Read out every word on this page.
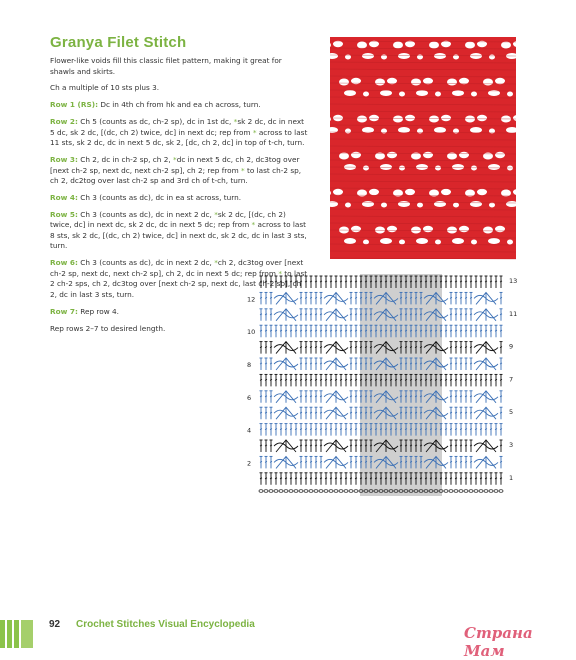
Granya Filet Stitch

Flower-like voids fill this classic filet pattern, making it great for shawls and skirts.

Ch a multiple of 10 sts plus 3.

Row 1 (RS): Dc in 4th ch from hk and ea ch across, turn.

Row 2: Ch 5 (counts as dc, ch-2 sp), dc in 1st dc, *sk 2 dc, dc in next 5 dc, sk 2 dc, [(dc, ch 2) twice, dc] in next dc; rep from * across to last 11 sts, sk 2 dc, dc in next 5 dc, sk 2, [dc, ch 2, dc] in top of t-ch, turn.

Row 3: Ch 2, dc in ch-2 sp, ch 2, *dc in next 5 dc, ch 2, dc3tog over [next ch-2 sp, next dc, next ch-2 sp], ch 2; rep from * to last ch-2 sp, ch 2, dc2tog over last ch-2 sp and 3rd ch of t-ch, turn.

Row 4: Ch 3 (counts as dc), dc in ea st across, turn.

Row 5: Ch 3 (counts as dc), dc in next 2 dc, *sk 2 dc, [(dc, ch 2) twice, dc] in next dc, sk 2 dc, dc in next 5 dc; rep from * across to last 8 sts, sk 2 dc, [(dc, ch 2) twice, dc] in next dc, sk 2 dc, dc in last 3 sts, turn.

Row 6: Ch 3 (counts as dc), dc in next 2 dc, *ch 2, dc3tog over [next ch-2 sp, next dc, next ch-2 sp], ch 2, dc in next 5 dc; rep from * to last 2 ch-2 sps, ch 2, dc3tog over [next ch-2 sp, next dc, last ch-2 sp], ch 2, dc in last 3 sts, turn.

Row 7: Rep row 4.

Rep rows 2–7 to desired length.

13
11
9
7
5
3
1
12
10
8
6
4
2
92 Crochet Stitches Visual Encyclopedia	Страна Мам
